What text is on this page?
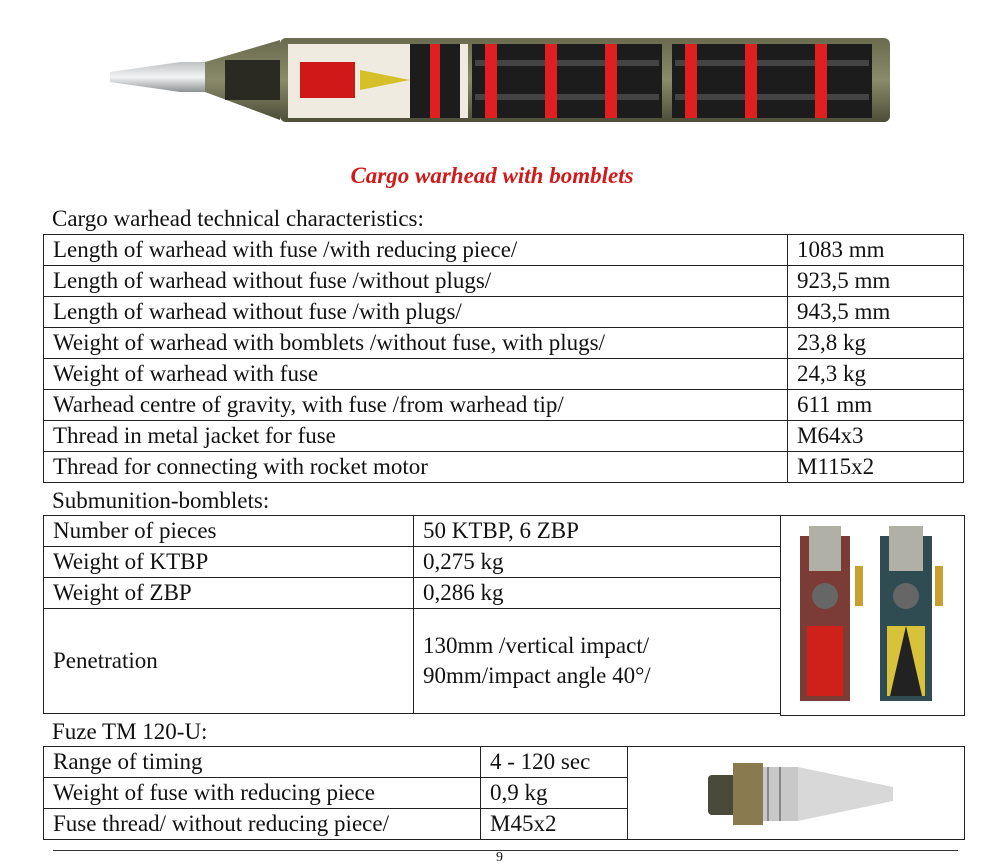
Cargo warhead with bomblets
Cargo warhead technical characteristics:
Length of warhead with fuse /with reducing piece/	1083 mm
Length of warhead without fuse /without plugs/	923,5 mm
Length of warhead without fuse /with plugs/	943,5 mm
Weight of warhead with bomblets /without fuse, with plugs/	23,8 kg
Weight of warhead with fuse	24,3 kg
Warhead centre of gravity, with fuse /from warhead tip/	611 mm
Thread in metal jacket for fuse	M64x3
Thread for connecting with rocket motor	M115x2
Submunition-bomblets:
Number of pieces	50 KTBP, 6 ZBP
Weight of KTBP	0,275 kg
Weight of ZBP	0,286 kg
Penetration	130mm /vertical impact/
90mm/impact angle 40°/
Fuze TM 120-U:
Range of timing	4 - 120 sec
Weight of fuse with reducing piece	0,9 kg
Fuse thread/ without reducing piece/	M45x2
9
